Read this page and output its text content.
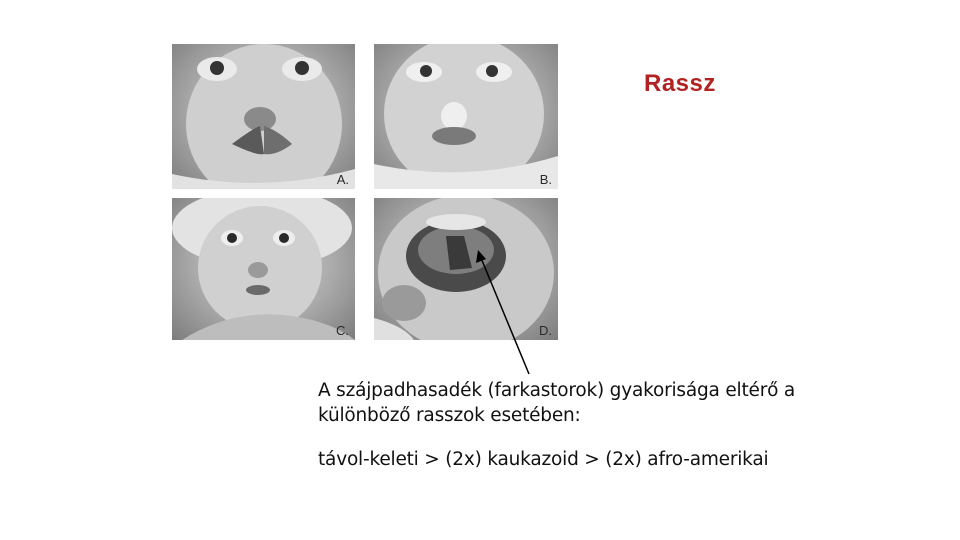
Rassz
A.	B.
C.	D.

A szájpadhasadék (farkastorok) gyakorisága eltérő a

különböző rasszok esetében:

távol-keleti > (2x) kaukazoid > (2x) afro-amerikai
